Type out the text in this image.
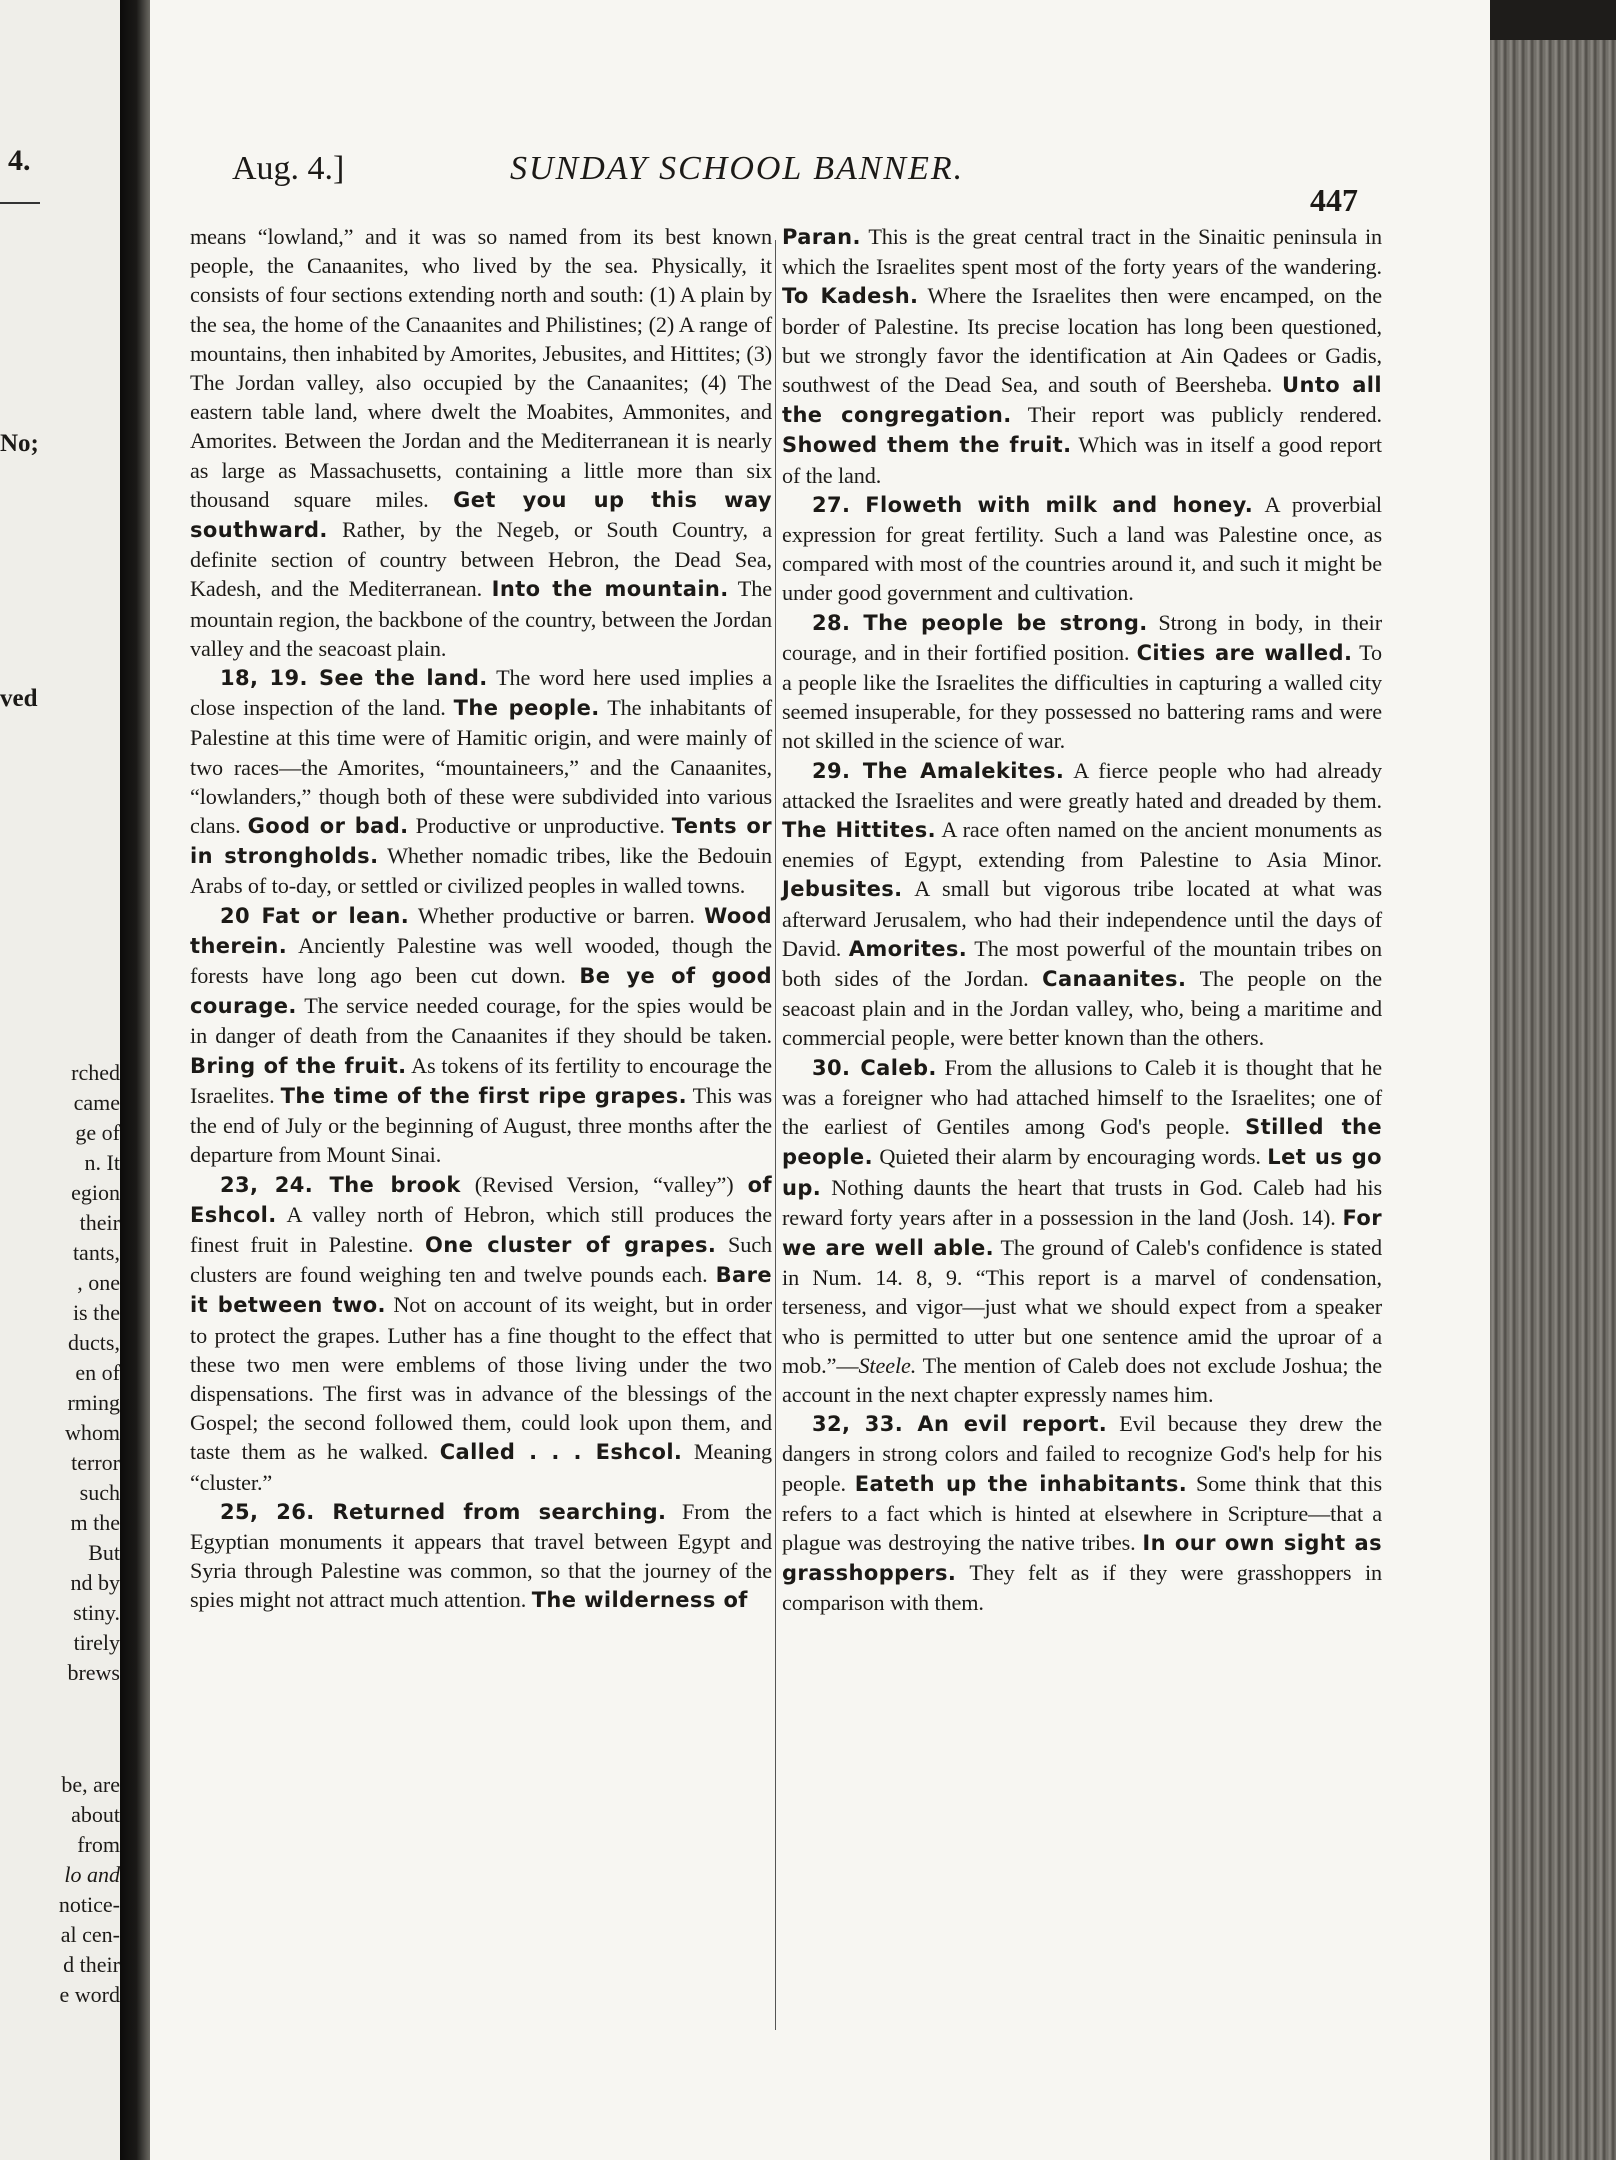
4.
No;
ved
rched
came
ge of
n. It
egion
their
tants,
, one
is the
ducts,
en of
rming
whom
terror
such
m the
But
nd by
stiny.
tirely
brews
be, are
about
from
lo and
notice-
al cen-
d their
e word
Aug. 4.]	SUNDAY SCHOOL BANNER.
447

means “lowland,” and it was so named from its best known people, the Canaanites, who lived by the sea. Physically, it consists of four sections extending north and south: (1) A plain by the sea, the home of the Canaanites and Philistines; (2) A range of mountains, then inhabited by Amorites, Jebusites, and Hittites; (3) The Jordan valley, also occupied by the Canaanites; (4) The eastern table land, where dwelt the Moabites, Ammonites, and Amorites. Between the Jordan and the Mediterranean it is nearly as large as Massachusetts, containing a little more than six thousand square miles. Get you up this way southward. Rather, by the Negeb, or South Country, a definite section of country between Hebron, the Dead Sea, Kadesh, and the Mediterranean. Into the mountain. The mountain region, the backbone of the country, between the Jordan valley and the seacoast plain.

18, 19. See the land. The word here used implies a close inspection of the land. The people. The inhabitants of Palestine at this time were of Hamitic origin, and were mainly of two races—the Amorites, “mountaineers,” and the Canaanites, “lowlanders,” though both of these were subdivided into various clans. Good or bad. Productive or unproductive. Tents or in strongholds. Whether nomadic tribes, like the Bedouin Arabs of to-day, or settled or civilized peoples in walled towns.

20 Fat or lean. Whether productive or barren. Wood therein. Anciently Palestine was well wooded, though the forests have long ago been cut down. Be ye of good courage. The service needed courage, for the spies would be in danger of death from the Canaanites if they should be taken. Bring of the fruit. As tokens of its fertility to encourage the Israelites. The time of the first ripe grapes. This was the end of July or the beginning of August, three months after the departure from Mount Sinai.

23, 24. The brook (Revised Version, “valley”) of Eshcol. A valley north of Hebron, which still produces the finest fruit in Palestine. One cluster of grapes. Such clusters are found weighing ten and twelve pounds each. Bare it between two. Not on account of its weight, but in order to protect the grapes. Luther has a fine thought to the effect that these two men were emblems of those living under the two dispensations. The first was in advance of the blessings of the Gospel; the second followed them, could look upon them, and taste them as he walked. Called . . . Eshcol. Meaning “cluster.”

25, 26. Returned from searching. From the Egyptian monuments it appears that travel between Egypt and Syria through Palestine was common, so that the journey of the spies might not attract much attention. The wilderness of

Paran. This is the great central tract in the Sinaitic peninsula in which the Israelites spent most of the forty years of the wandering. To Kadesh. Where the Israelites then were encamped, on the border of Palestine. Its precise location has long been questioned, but we strongly favor the identification at Ain Qadees or Gadis, southwest of the Dead Sea, and south of Beersheba. Unto all the congregation. Their report was publicly rendered. Showed them the fruit. Which was in itself a good report of the land.

27. Floweth with milk and honey. A proverbial expression for great fertility. Such a land was Palestine once, as compared with most of the countries around it, and such it might be under good government and cultivation.

28. The people be strong. Strong in body, in their courage, and in their fortified position. Cities are walled. To a people like the Israelites the difficulties in capturing a walled city seemed insuperable, for they possessed no battering rams and were not skilled in the science of war.

29. The Amalekites. A fierce people who had already attacked the Israelites and were greatly hated and dreaded by them. The Hittites. A race often named on the ancient monuments as enemies of Egypt, extending from Palestine to Asia Minor. Jebusites. A small but vigorous tribe located at what was afterward Jerusalem, who had their independence until the days of David. Amorites. The most powerful of the mountain tribes on both sides of the Jordan. Canaanites. The people on the seacoast plain and in the Jordan valley, who, being a maritime and commercial people, were better known than the others.

30. Caleb. From the allusions to Caleb it is thought that he was a foreigner who had attached himself to the Israelites; one of the earliest of Gentiles among God's people. Stilled the people. Quieted their alarm by encouraging words. Let us go up. Nothing daunts the heart that trusts in God. Caleb had his reward forty years after in a possession in the land (Josh. 14). For we are well able. The ground of Caleb's confidence is stated in Num. 14. 8, 9. “This report is a marvel of condensation, terseness, and vigor—just what we should expect from a speaker who is permitted to utter but one sentence amid the uproar of a mob.”—Steele. The mention of Caleb does not exclude Joshua; the account in the next chapter expressly names him.

32, 33. An evil report. Evil because they drew the dangers in strong colors and failed to recognize God's help for his people. Eateth up the inhabitants. Some think that this refers to a fact which is hinted at elsewhere in Scripture—that a plague was destroying the native tribes. In our own sight as grasshoppers. They felt as if they were grasshoppers in comparison with them.
